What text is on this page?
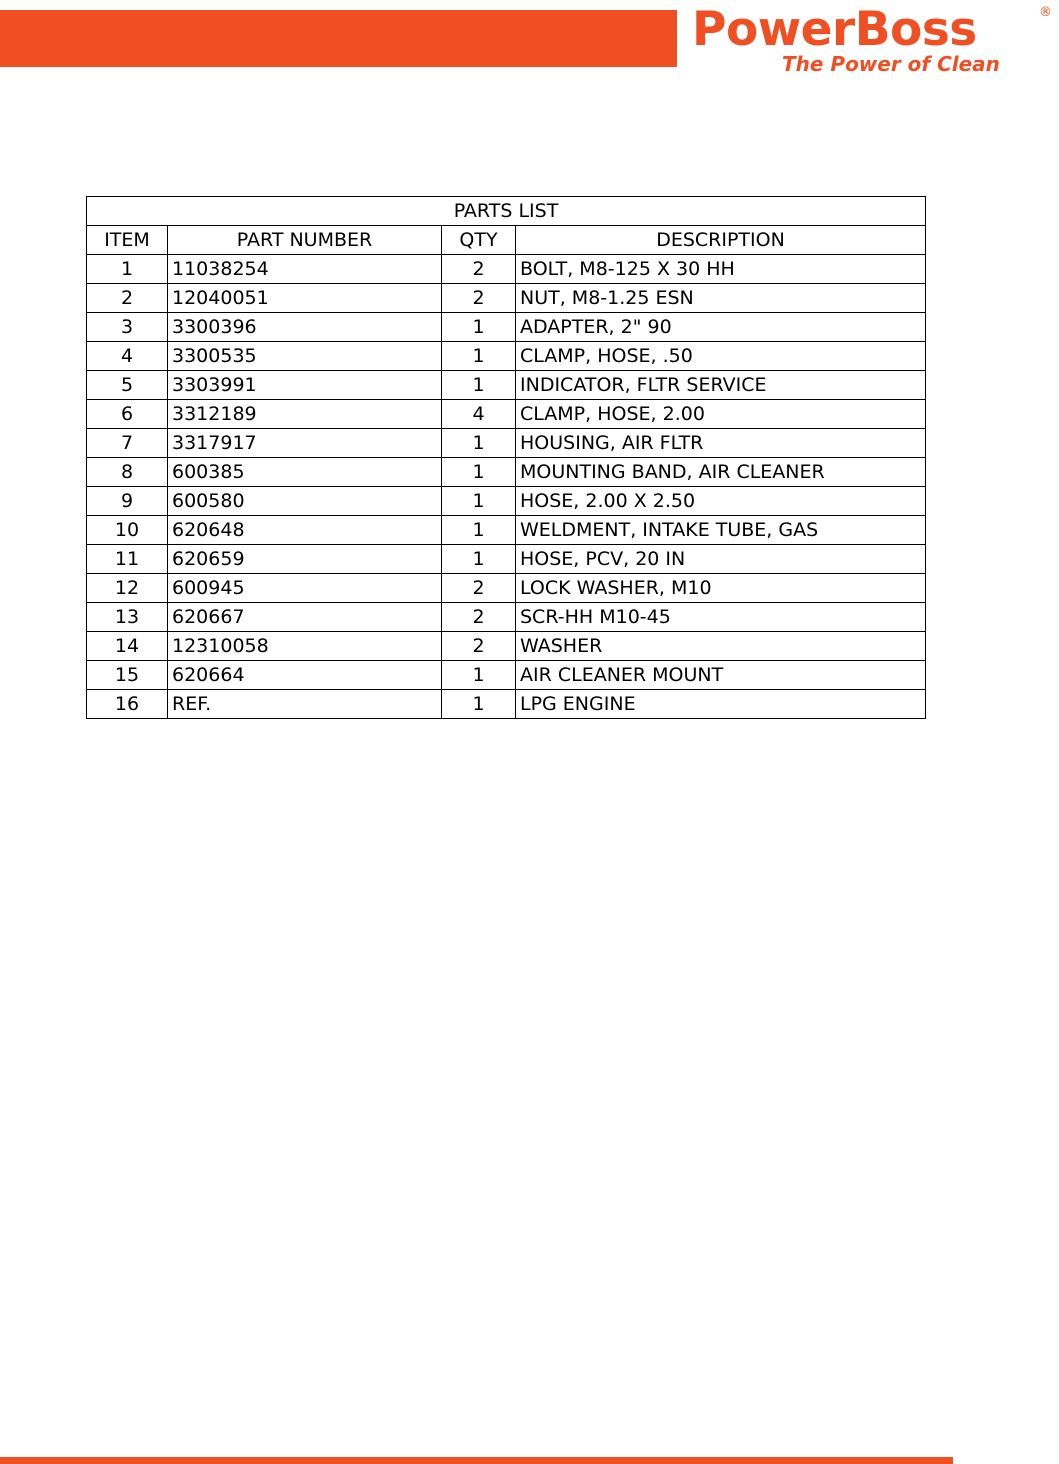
PowerBoss	®
The Power of Clean
PARTS LIST			
ITEM	PART NUMBER	QTY	DESCRIPTION
1	11038254	2	BOLT, M8-125 X 30 HH
2	12040051	2	NUT, M8-1.25 ESN
3	3300396	1	ADAPTER, 2" 90
4	3300535	1	CLAMP, HOSE, .50
5	3303991	1	INDICATOR, FLTR SERVICE
6	3312189	4	CLAMP, HOSE, 2.00
7	3317917	1	HOUSING, AIR FLTR
8	600385	1	MOUNTING BAND, AIR CLEANER
9	600580	1	HOSE, 2.00 X 2.50
10	620648	1	WELDMENT, INTAKE TUBE, GAS
11	620659	1	HOSE, PCV, 20 IN
12	600945	2	LOCK WASHER, M10
13	620667	2	SCR-HH M10-45
14	12310058	2	WASHER
15	620664	1	AIR CLEANER MOUNT
16	REF.	1	LPG ENGINE
